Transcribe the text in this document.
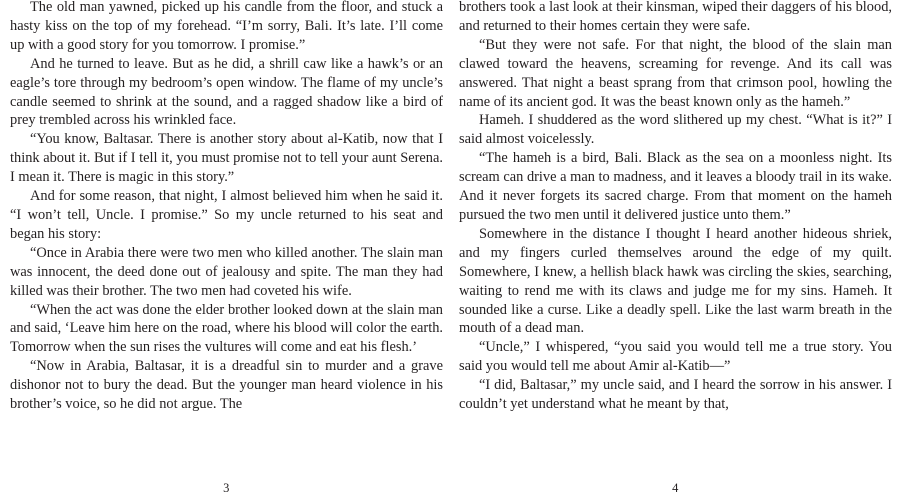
The old man yawned, picked up his candle from the floor, and stuck a hasty kiss on the top of my forehead. “I’m sorry, Bali. It’s late. I’ll come up with a good story for you tomorrow. I promise.”

And he turned to leave. But as he did, a shrill caw like a hawk’s or an eagle’s tore through my bedroom’s open window. The flame of my uncle’s candle seemed to shrink at the sound, and a ragged shadow like a bird of prey trembled across his wrinkled face.

“You know, Baltasar. There is another story about al-Katib, now that I think about it. But if I tell it, you must promise not to tell your aunt Serena. I mean it. There is magic in this story.”

And for some reason, that night, I almost believed him when he said it. “I won’t tell, Uncle. I promise.” So my uncle returned to his seat and began his story:

“Once in Arabia there were two men who killed another. The slain man was innocent, the deed done out of jealousy and spite. The man they had killed was their brother. The two men had coveted his wife.

“When the act was done the elder brother looked down at the slain man and said, ‘Leave him here on the road, where his blood will color the earth. Tomorrow when the sun rises the vultures will come and eat his flesh.’

“Now in Arabia, Baltasar, it is a dreadful sin to murder and a grave dishonor not to bury the dead. But the younger man heard violence in his brother’s voice, so he did not argue. The

3

brothers took a last look at their kinsman, wiped their daggers of his blood, and returned to their homes certain they were safe.

“But they were not safe. For that night, the blood of the slain man clawed toward the heavens, screaming for revenge. And its call was answered. That night a beast sprang from that crimson pool, howling the name of its ancient god. It was the beast known only as the hameh.”

Hameh. I shuddered as the word slithered up my chest. “What is it?” I said almost voicelessly.

“The hameh is a bird, Bali. Black as the sea on a moonless night. Its scream can drive a man to madness, and it leaves a bloody trail in its wake. And it never forgets its sacred charge. From that moment on the hameh pursued the two men until it delivered justice unto them.”

Somewhere in the distance I thought I heard another hideous shriek, and my fingers curled themselves around the edge of my quilt. Somewhere, I knew, a hellish black hawk was circling the skies, searching, waiting to rend me with its claws and judge me for my sins. Hameh. It sounded like a curse. Like a deadly spell. Like the last warm breath in the mouth of a dead man.

“Uncle,” I whispered, “you said you would tell me a true story. You said you would tell me about Amir al-Katib—”

“I did, Baltasar,” my uncle said, and I heard the sorrow in his answer. I couldn’t yet understand what he meant by that,

4
